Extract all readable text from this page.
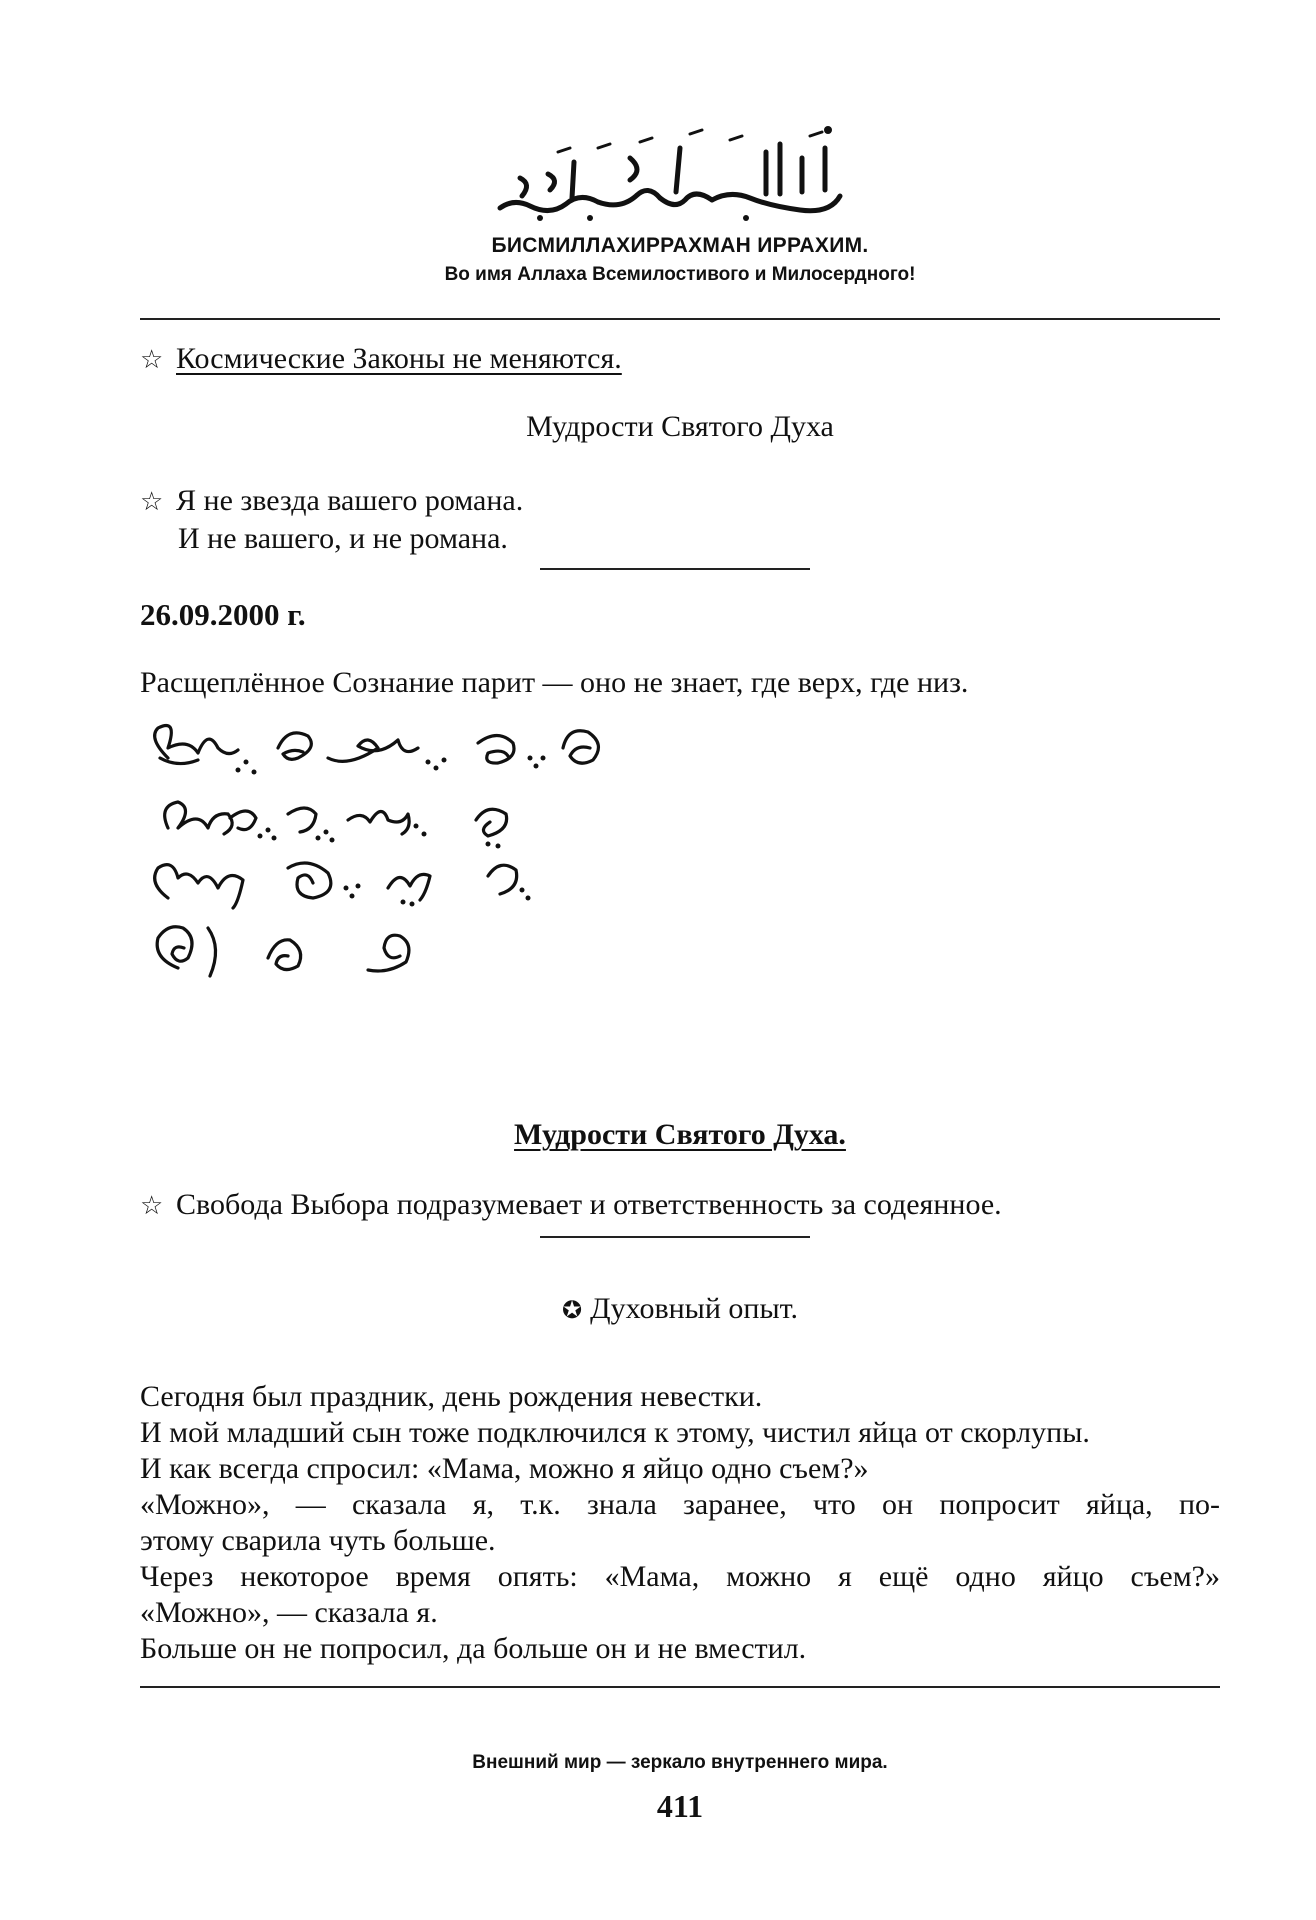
БИСМИЛЛАХИРРАХМАН ИРРАХИМ.
Во имя Аллаха Всемилостивого и Милосердного!
☆ Космические Законы не меняются.
Мудрости Святого Духа
☆ Я не звезда вашего романа.
И не вашего, и не романа.
26.09.2000 г.
Расщеплённое Сознание парит — оно не знает, где верх, где низ.
Мудрости Святого Духа.
☆ Свобода Выбора подразумевает и ответственность за содеянное.
✪ Духовный опыт.
Сегодня был праздник, день рождения невестки.
И мой младший сын тоже подключился к этому, чистил яйца от скорлупы.
И как всегда спросил: «Мама, можно я яйцо одно съем?»
«Можно», — сказала я, т.к. знала заранее, что он попросит яйца, по-
этому сварила чуть больше.
Через некоторое время опять: «Мама, можно я ещё одно яйцо съем?»
«Можно», — сказала я.
Больше он не попросил, да больше он и не вместил.
Внешний мир — зеркало внутреннего мира.
411
